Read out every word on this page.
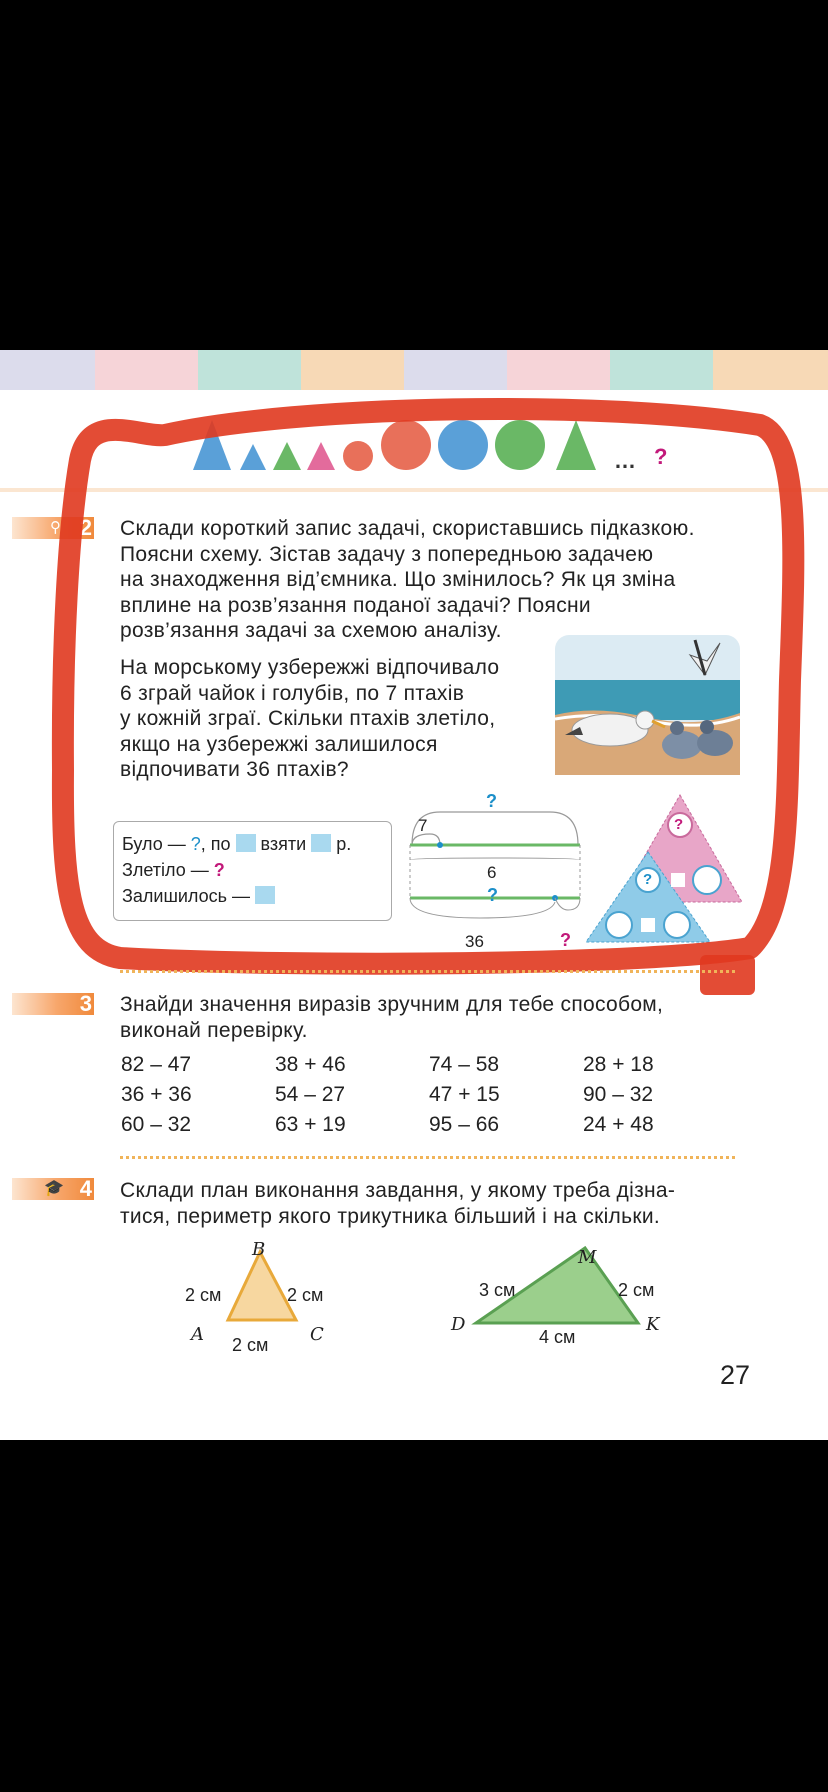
… ?
⚲ 2 Склади короткий запис задачі, скориставшись підказкою.
Поясни схему. Зістав задачу з попередньою задачею
на знаходження від’ємника. Що змінилось? Як ця зміна
вплине на розв’язання поданої задачі? Поясни
розв’язання задачі за схемою аналізу.
На морському узбережжі відпочивало
6 зграй чайок і голубів, по 7 птахів
у кожній зграї. Скільки птахів злетіло,
якщо на узбережжі залишилося
відпочивати 36 птахів?
Було — ?, по  взяти  р.
Злетіло — ?
Залишилось —
?
7
6
?
36	?
?
?
3 Знайди значення виразів зручним для тебе способом,
виконай перевірку.
82 – 47	38 + 46	74 – 58	28 + 18
36 + 36	54 – 27	47 + 15	90 – 32
60 – 32	63 + 19	95 – 66	24 + 48
🎓 4 Склади план виконання завдання, у якому треба дізна-
тися, периметр якого трикутника більший і на скільки.
B
A	C
2 см	2 см
2 см
M
D	K
3 см	2 см
4 см
27
